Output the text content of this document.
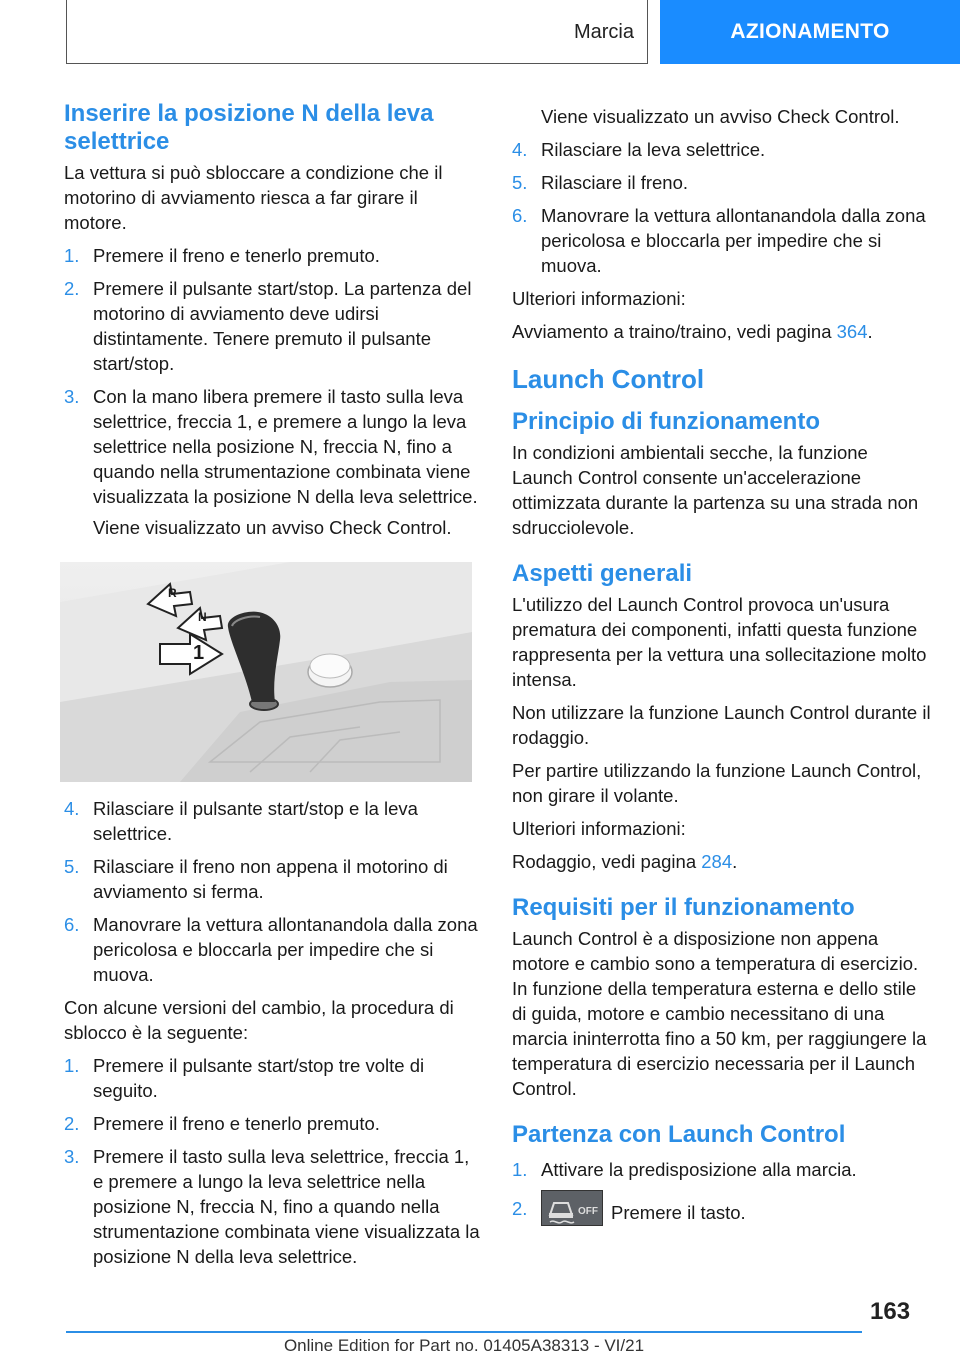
Marcia	AZIONAMENTO
Inserire la posizione N della leva selettrice

La vettura si può sbloccare a condizione che il motorino di avviamento riesca a far girare il motore.

1. Premere il freno e tenerlo premuto.
2. Premere il pulsante start/stop. La partenza del motorino di avviamento deve udirsi distintamente. Tenere premuto il pulsante start/stop.
3. Con la mano libera premere il tasto sulla leva selettrice, freccia 1, e premere a lungo la leva selettrice nella posizione N, freccia N, fino a quando nella strumentazione combinata viene visualizzata la posizione N della leva selettrice.

Viene visualizzato un avviso Check Control.

R
N
1
4. Rilasciare il pulsante start/stop e la leva selettrice.
5. Rilasciare il freno non appena il motorino di avviamento si ferma.
6. Manovrare la vettura allontanandola dalla zona pericolosa e bloccarla per impedire che si muova.

Con alcune versioni del cambio, la procedura di sblocco è la seguente:

1. Premere il pulsante start/stop tre volte di seguito.
2. Premere il freno e tenerlo premuto.
3. Premere il tasto sulla leva selettrice, freccia 1, e premere a lungo la leva selettrice nella posizione N, freccia N, fino a quando nella strumentazione combinata viene visualizzata la posizione N della leva selettrice.

Viene visualizzato un avviso Check Control.

4. Rilasciare la leva selettrice.
5. Rilasciare il freno.
6. Manovrare la vettura allontanandola dalla zona pericolosa e bloccarla per impedire che si muova.

Ulteriori informazioni:

Avviamento a traino/traino, vedi pagina 364.

Launch Control
Principio di funzionamento

In condizioni ambientali secche, la funzione Launch Control consente un'accelerazione ottimizzata durante la partenza su una strada non sdrucciolevole.

Aspetti generali

L'utilizzo del Launch Control provoca un'usura prematura dei componenti, infatti questa funzione rappresenta per la vettura una sollecitazione molto intensa.

Non utilizzare la funzione Launch Control durante il rodaggio.

Per partire utilizzando la funzione Launch Control, non girare il volante.

Ulteriori informazioni:

Rodaggio, vedi pagina 284.

Requisiti per il funzionamento

Launch Control è a disposizione non appena motore e cambio sono a temperatura di esercizio. In funzione della temperatura esterna e dello stile di guida, motore e cambio necessitano di una marcia ininterrotta fino a 50 km, per raggiungere la temperatura di esercizio necessaria per il Launch Control.

Partenza con Launch Control
1. Attivare la predisposizione alla marcia.
2.	OFF Premere il tasto.
163
Online Edition for Part no. 01405A38313 - VI/21
